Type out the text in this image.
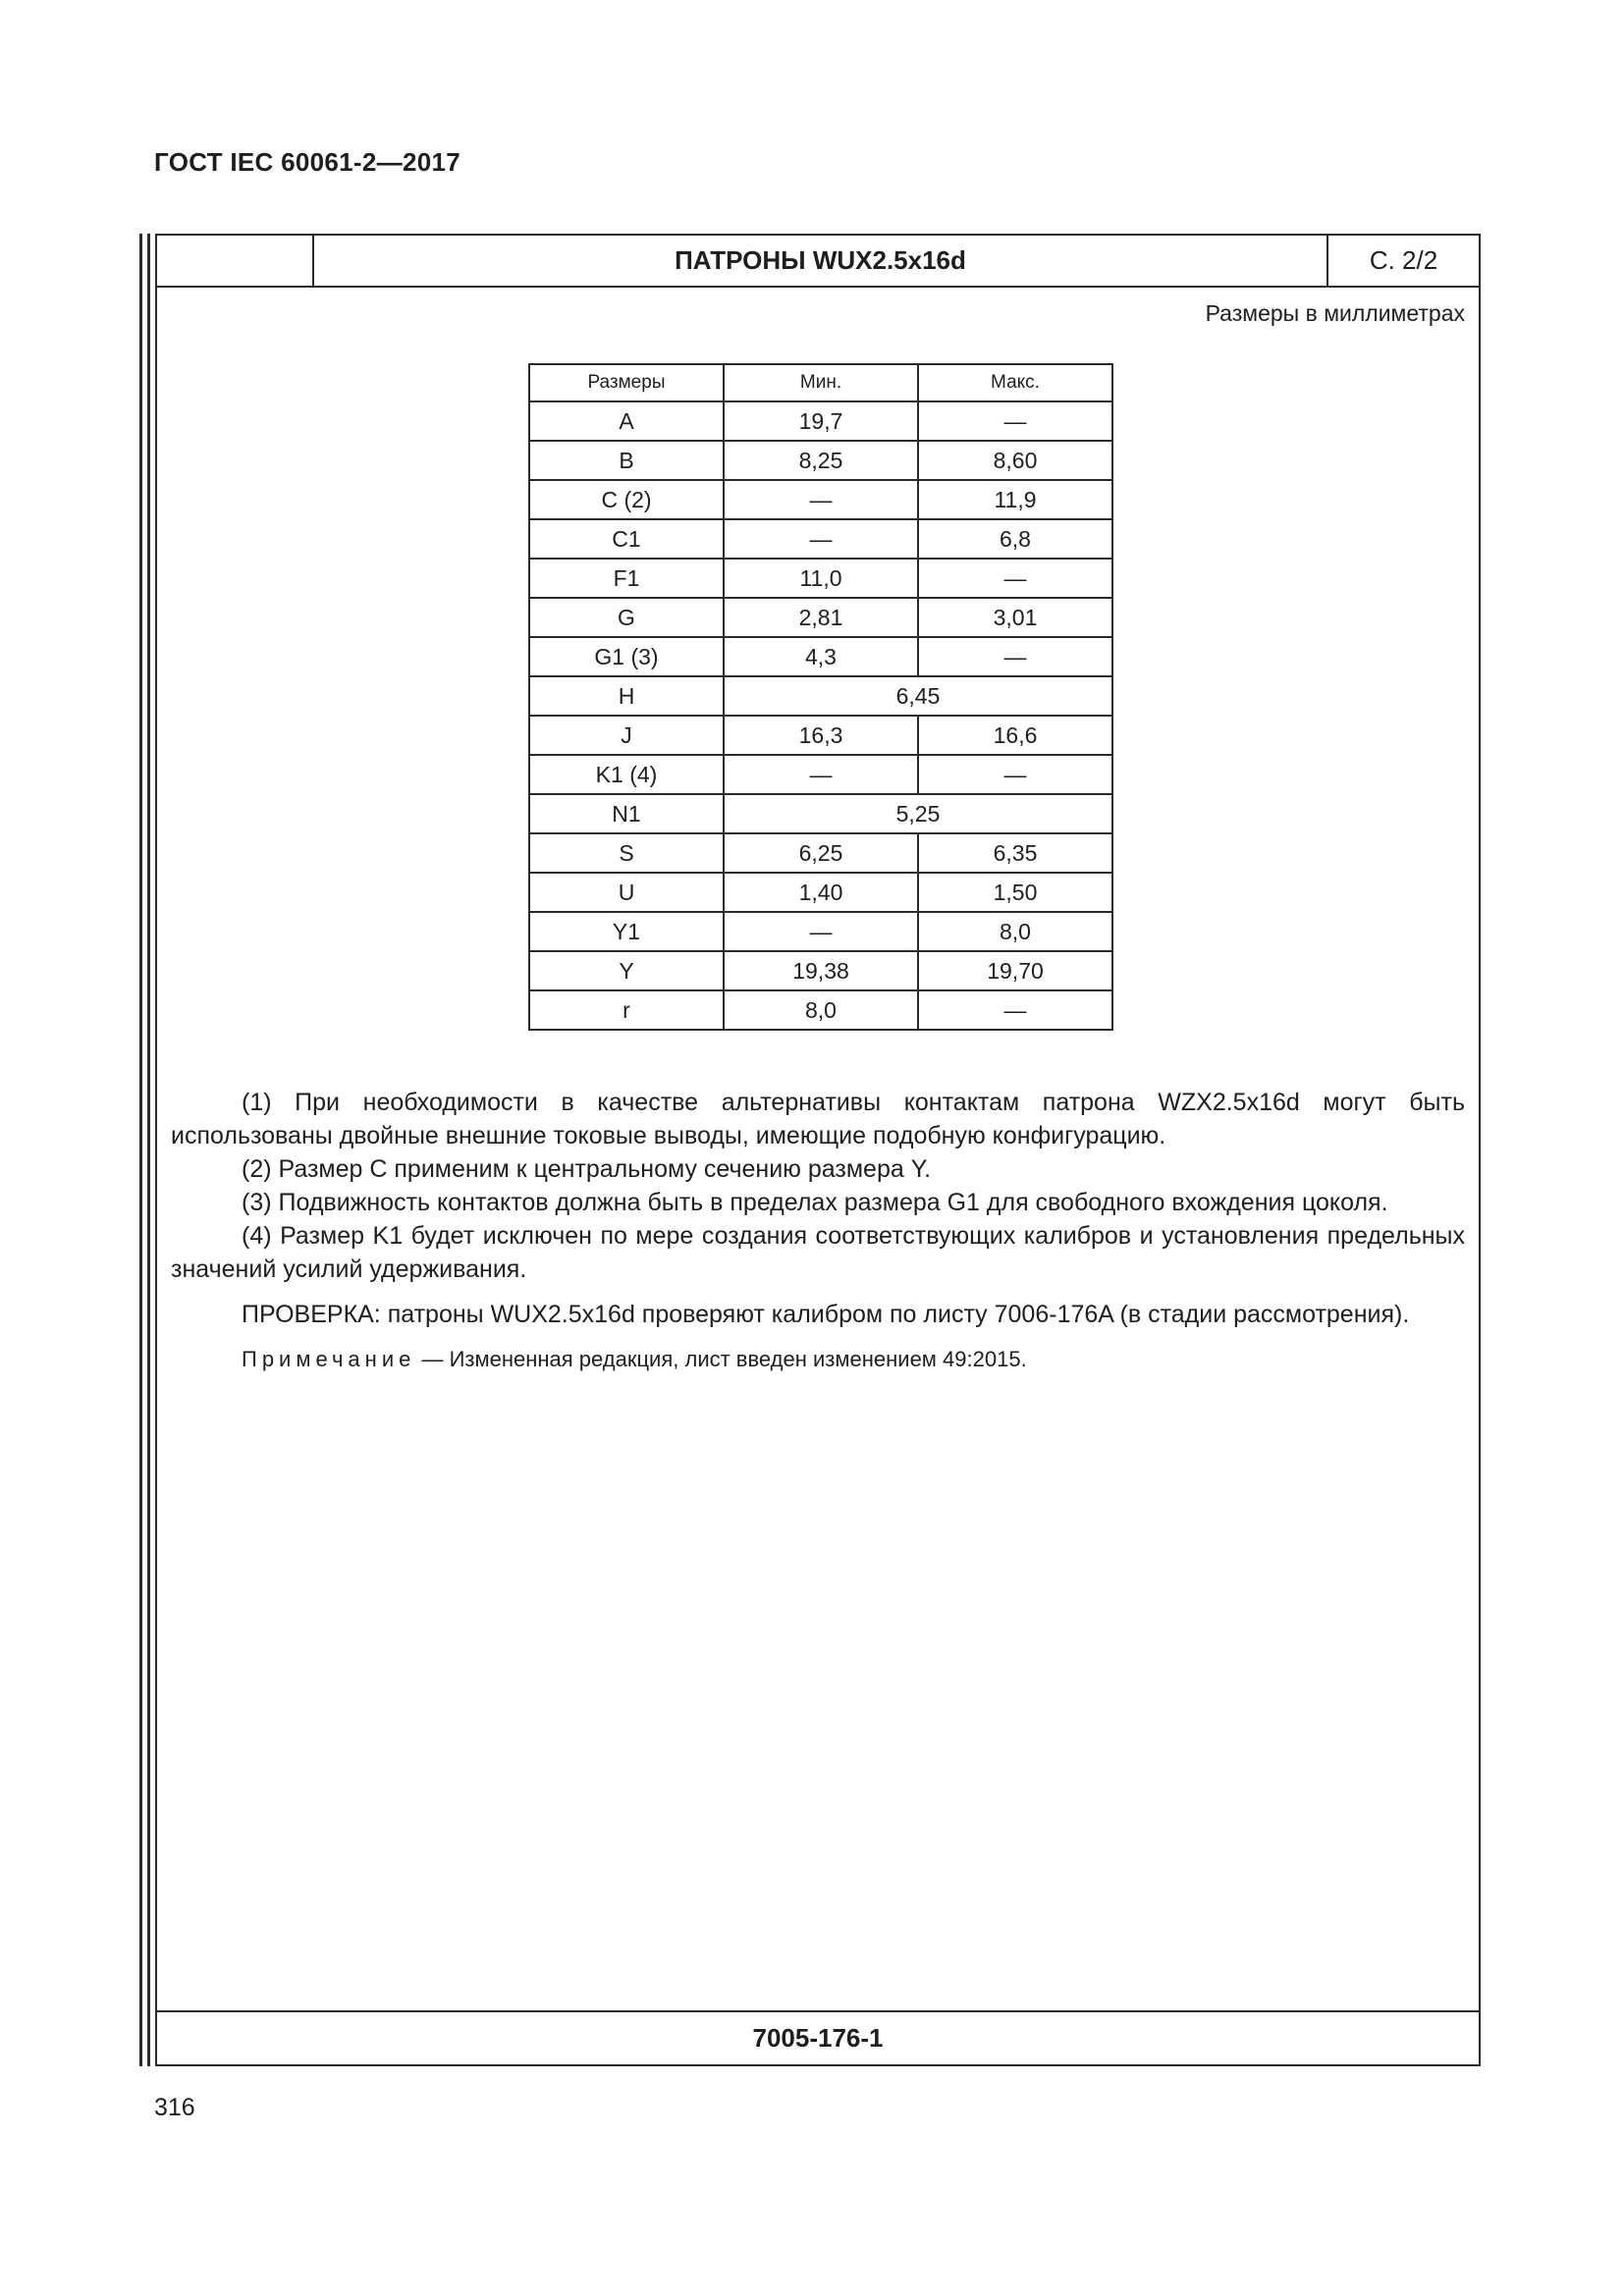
ГОСТ IEC 60061-2—2017
ПАТРОНЫ WUX2.5x16d	С. 2/2
Размеры в миллиметрах
Размеры	Мин.	Макс.
A	19,7	—
B	8,25	8,60
C (2)	—	11,9
C1	—	6,8
F1	11,0	—
G	2,81	3,01
G1 (3)	4,3	—
H	6,45	
J	16,3	16,6
K1 (4)	—	—
N1	5,25	
S	6,25	6,35
U	1,40	1,50
Y1	—	8,0
Y	19,38	19,70
r	8,0	—

(1) При необходимости в качестве альтернативы контактам патрона WZX2.5x16d могут быть использованы двойные внешние токовые выводы, имеющие подобную конфигурацию.

(2) Размер C применим к центральному сечению размера Y.

(3) Подвижность контактов должна быть в пределах размера G1 для свободного вхождения цоколя.

(4) Размер K1 будет исключен по мере создания соответствующих калибров и установления предельных значений усилий удерживания.

ПРОВЕРКА: патроны WUX2.5x16d проверяют калибром по листу 7006-176A (в стадии рассмотрения).

Примечание — Измененная редакция, лист введен изменением 49:2015.

7005-176-1
316
